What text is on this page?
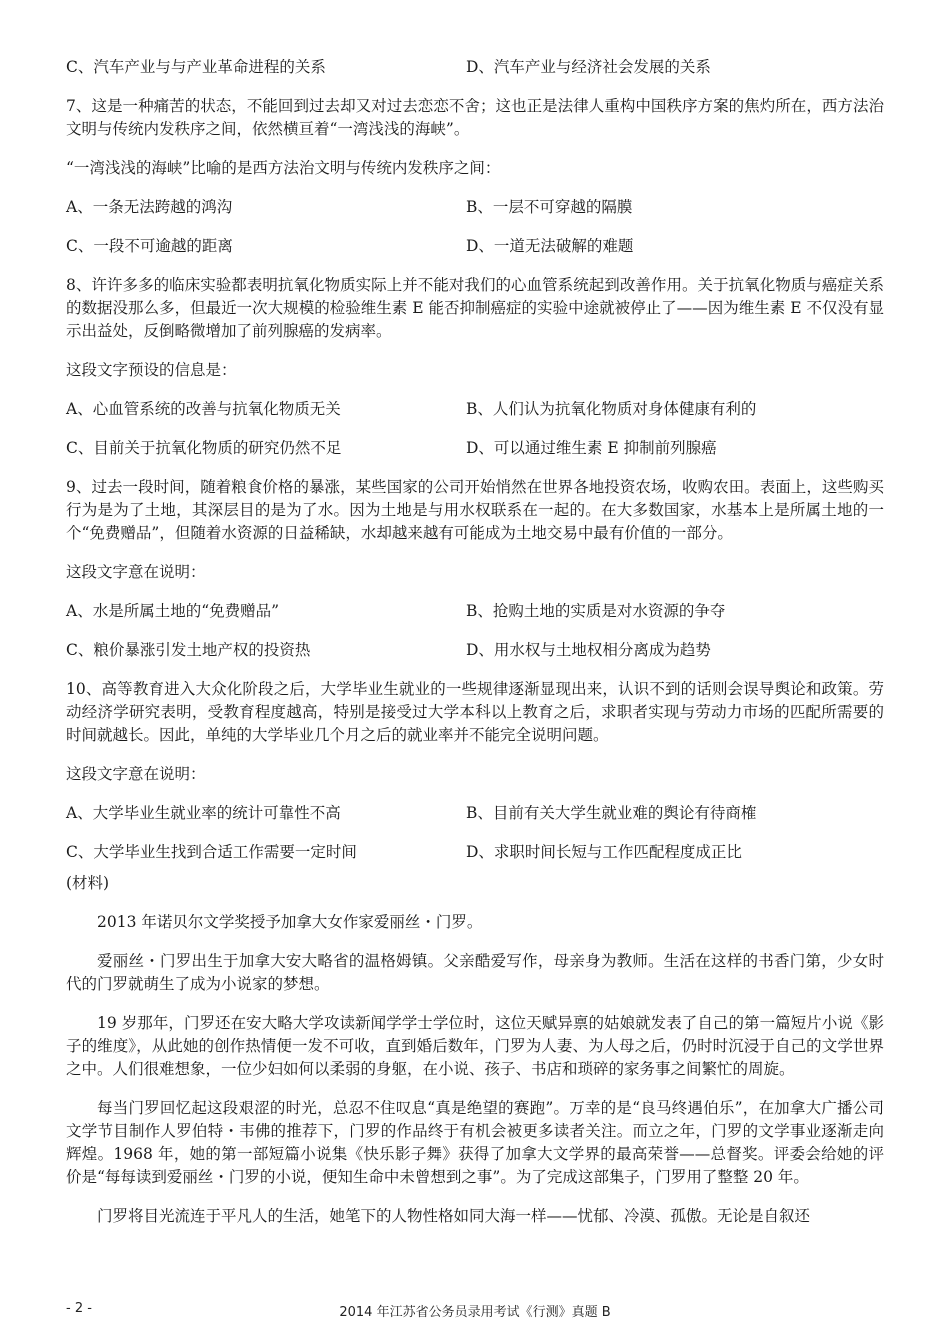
C、汽车产业与与产业革命进程的关系	D、汽车产业与经济社会发展的关系

7、这是一种痛苦的状态，不能回到过去却又对过去恋恋不舍；这也正是法律人重构中国秩序方案的焦灼所在，西方法治文明与传统内发秩序之间，依然横亘着“一湾浅浅的海峡”。

“一湾浅浅的海峡”比喻的是西方法治文明与传统内发秩序之间：

A、一条无法跨越的鸿沟	B、一层不可穿越的隔膜
C、一段不可逾越的距离	D、一道无法破解的难题

8、许许多多的临床实验都表明抗氧化物质实际上并不能对我们的心血管系统起到改善作用。关于抗氧化物质与癌症关系的数据没那么多，但最近一次大规模的检验维生素 E 能否抑制癌症的实验中途就被停止了——因为维生素 E 不仅没有显示出益处，反倒略微增加了前列腺癌的发病率。

这段文字预设的信息是：

A、心血管系统的改善与抗氧化物质无关	B、人们认为抗氧化物质对身体健康有利的
C、目前关于抗氧化物质的研究仍然不足	D、可以通过维生素 E 抑制前列腺癌

9、过去一段时间，随着粮食价格的暴涨，某些国家的公司开始悄然在世界各地投资农场，收购农田。表面上，这些购买行为是为了土地，其深层目的是为了水。因为土地是与用水权联系在一起的。在大多数国家，水基本上是所属土地的一个“免费赠品”，但随着水资源的日益稀缺，水却越来越有可能成为土地交易中最有价值的一部分。

这段文字意在说明：

A、水是所属土地的“免费赠品”	B、抢购土地的实质是对水资源的争夺
C、粮价暴涨引发土地产权的投资热	D、用水权与土地权相分离成为趋势

10、高等教育进入大众化阶段之后，大学毕业生就业的一些规律逐渐显现出来，认识不到的话则会误导舆论和政策。劳动经济学研究表明，受教育程度越高，特别是接受过大学本科以上教育之后，求职者实现与劳动力市场的匹配所需要的时间就越长。因此，单纯的大学毕业几个月之后的就业率并不能完全说明问题。

这段文字意在说明：

A、大学毕业生就业率的统计可靠性不高	B、目前有关大学生就业难的舆论有待商榷
C、大学毕业生找到合适工作需要一定时间	D、求职时间长短与工作匹配程度成正比

(材料)

2013 年诺贝尔文学奖授予加拿大女作家爱丽丝・门罗。

爱丽丝・门罗出生于加拿大安大略省的温格姆镇。父亲酷爱写作，母亲身为教师。生活在这样的书香门第，少女时代的门罗就萌生了成为小说家的梦想。

19 岁那年，门罗还在安大略大学攻读新闻学学士学位时，这位天赋异禀的姑娘就发表了自己的第一篇短片小说《影子的维度》，从此她的创作热情便一发不可收，直到婚后数年，门罗为人妻、为人母之后，仍时时沉浸于自己的文学世界之中。人们很难想象，一位少妇如何以柔弱的身躯，在小说、孩子、书店和琐碎的家务事之间繁忙的周旋。

每当门罗回忆起这段艰涩的时光，总忍不住叹息“真是绝望的赛跑”。万幸的是“良马终遇伯乐”，在加拿大广播公司文学节目制作人罗伯特・韦佛的推荐下，门罗的作品终于有机会被更多读者关注。而立之年，门罗的文学事业逐渐走向辉煌。1968 年，她的第一部短篇小说集《快乐影子舞》获得了加拿大文学界的最高荣誉——总督奖。评委会给她的评价是“每每读到爱丽丝・门罗的小说，便知生命中未曾想到之事”。为了完成这部集子，门罗用了整整 20 年。

门罗将目光流连于平凡人的生活，她笔下的人物性格如同大海一样——忧郁、冷漠、孤傲。无论是自叙还

- 2 -	2014 年江苏省公务员录用考试《行测》真题 B
